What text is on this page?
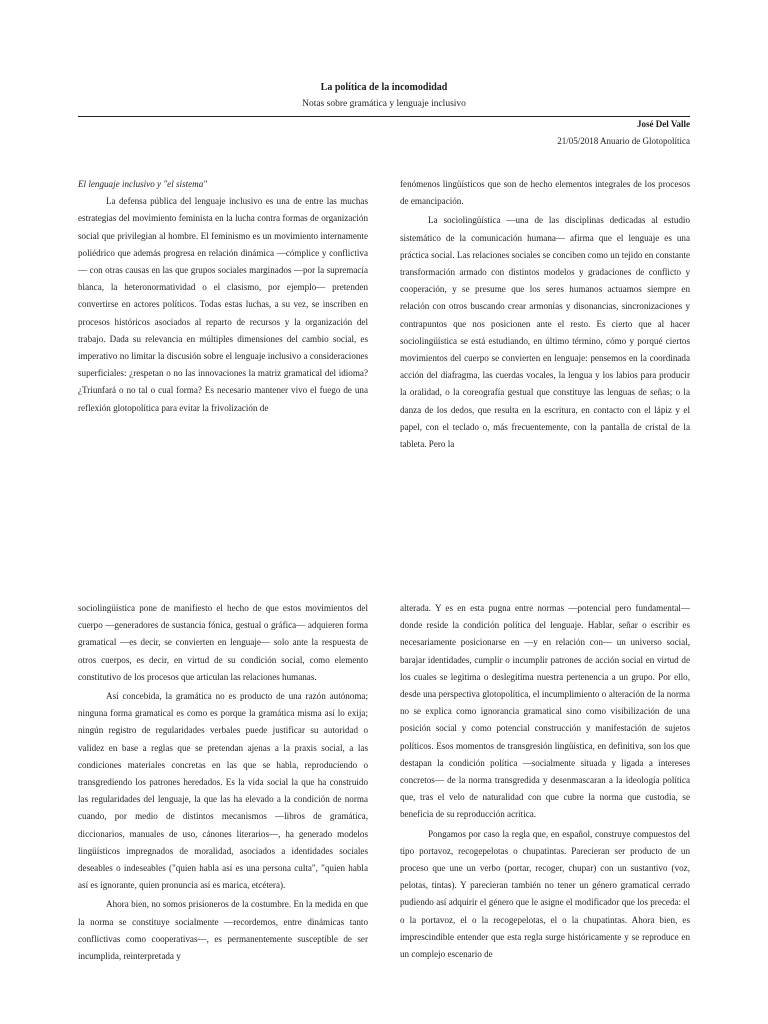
La política de la incomodidad
Notas sobre gramática y lenguaje inclusivo
José Del Valle
21/05/2018 Anuario de Glotopolítica

El lenguaje inclusivo y "el sistema"

La defensa pública del lenguaje inclusivo es una de entre las muchas estrategias del movimiento feminista en la lucha contra formas de organización social que privilegian al hombre. El feminismo es un movimiento internamente poliédrico que además progresa en relación dinámica —cómplice y conflictiva— con otras causas en las que grupos sociales marginados —por la supremacía blanca, la heteronormatividad o el clasismo, por ejemplo— pretenden convertirse en actores políticos. Todas estas luchas, a su vez, se inscriben en procesos históricos asociados al reparto de recursos y la organización del trabajo. Dada su relevancia en múltiples dimensiones del cambio social, es imperativo no limitar la discusión sobre el lenguaje inclusivo a consideraciones superficiales: ¿respetan o no las innovaciones la matriz gramatical del idioma? ¿Triunfará o no tal o cual forma? Es necesario mantener vivo el fuego de una reflexión glotopolítica para evitar la frivolización de

fenómenos lingüísticos que son de hecho elementos integrales de los procesos de emancipación.

La sociolingüística —una de las disciplinas dedicadas al estudio sistemático de la comunicación humana— afirma que el lenguaje es una práctica social. Las relaciones sociales se conciben como un tejido en constante transformación armado con distintos modelos y gradaciones de conflicto y cooperación, y se presume que los seres humanos actuamos siempre en relación con otros buscando crear armonías y disonancias, sincronizaciones y contrapuntos que nos posicionen ante el resto. Es cierto que al hacer sociolingüística se está estudiando, en último término, cómo y porqué ciertos movimientos del cuerpo se convierten en lenguaje: pensemos en la coordinada acción del diafragma, las cuerdas vocales, la lengua y los labios para producir la oralidad, o la coreografía gestual que constituye las lenguas de señas; o la danza de los dedos, que resulta en la escritura, en contacto con el lápiz y el papel, con el teclado o, más frecuentemente, con la pantalla de cristal de la tableta. Pero la

sociolingüística pone de manifiesto el hecho de que estos movimientos del cuerpo —generadores de sustancia fónica, gestual o gráfica— adquieren forma gramatical —es decir, se convierten en lenguaje— solo ante la respuesta de otros cuerpos, es decir, en virtud de su condición social, como elemento constitutivo de los procesos que articulan las relaciones humanas.

Así concebida, la gramática no es producto de una razón autónoma; ninguna forma gramatical es como es porque la gramática misma así lo exija; ningún registro de regularidades verbales puede justificar su autoridad o validez en base a reglas que se pretendan ajenas a la praxis social, a las condiciones materiales concretas en las que se habla, reproduciendo o transgrediendo los patrones heredados. Es la vida social la que ha construido las regularidades del lenguaje, la que las ha elevado a la condición de norma cuando, por medio de distintos mecanismos —libros de gramática, diccionarios, manuales de uso, cánones literarios—, ha generado modelos lingüísticos impregnados de moralidad, asociados a identidades sociales deseables o indeseables ("quien habla así es una persona culta", "quien habla así es ignorante, quien pronuncia así es marica, etcétera).

Ahora bien, no somos prisioneros de la costumbre. En la medida en que la norma se constituye socialmente —recordemos, entre dinámicas tanto conflictivas como cooperativas—, es permanentemente susceptible de ser incumplida, reinterpretada y

alterada. Y es en esta pugna entre normas —potencial pero fundamental— donde reside la condición política del lenguaje. Hablar, señar o escribir es necesariamente posicionarse en —y en relación con— un universo social, barajar identidades, cumplir o incumplir patrones de acción social en virtud de los cuales se legitima o deslegitima nuestra pertenencia a un grupo. Por ello, desde una perspectiva glotopolítica, el incumplimiento o alteración de la norma no se explica como ignorancia gramatical sino como visibilización de una posición social y como potencial construcción y manifestación de sujetos políticos. Esos momentos de transgresión lingüística, en definitiva, son los que destapan la condición política —socialmente situada y ligada a intereses concretos— de la norma transgredida y desenmascaran a la ideología política que, tras el velo de naturalidad con que cubre la norma que custodia, se beneficia de su reproducción acrítica.

Pongamos por caso la regla que, en español, construye compuestos del tipo portavoz, recogepelotas o chupatintas. Parecieran ser producto de un proceso que une un verbo (portar, recoger, chupar) con un sustantivo (voz, pelotas, tintas). Y parecieran también no tener un género gramatical cerrado pudiendo así adquirir el género que le asigne el modificador que los preceda: el o la portavoz, el o la recogepelotas, el o la chupatintas. Ahora bien, es imprescindible entender que esta regla surge históricamente y se reproduce en un complejo escenario de
